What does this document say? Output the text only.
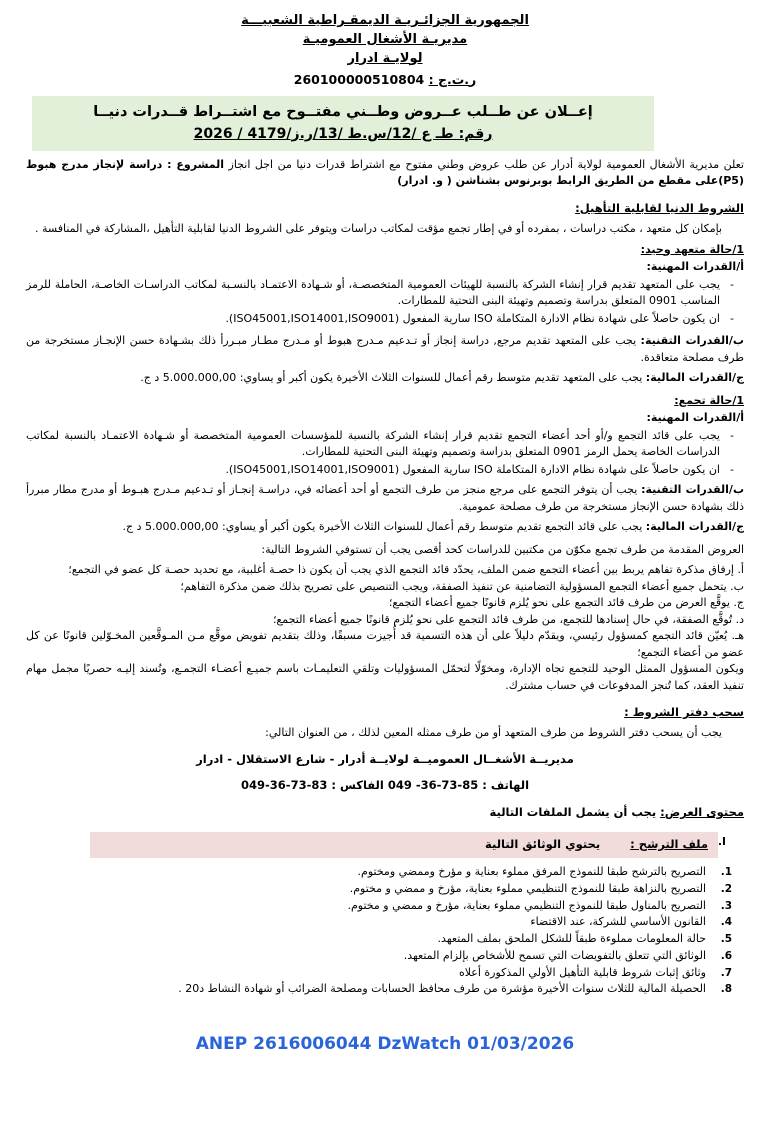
الجمهورية الجزائـريـة الديمقـراطية الشعبيـــة
مديريـة الأشغال العموميـة
لولايـة ادرار
ر.ت.ج : 260100000510804
إعــلان عن طــلب عــروض وطــني مفتــوح مع اشتــراط قــدرات دنيــا
رقم: طـ ع /12/س.ط /13/ر.ز/4179 / 2026
تعلن مديرية الأشغال العمومية لولاية أدرار عن طلب عروض وطني مفتوح مع اشتراط قدرات دنيا من اجل انجاز المشروع : دراسة لإنجاز مدرج هبوط (P5)على مقطع من الطريق الرابط بوبرنوس بشناشن ( و. ادرار)
الشروط الدنيا لقابلية التأهيل:
بإمكان كل متعهد ، مكتب دراسات ، بمفرده أو في إطار تجمع مؤقت لمكاتب دراسات ويتوفر على الشروط الدنيا لقابلية التأهيل ،المشاركة في المنافسة .
1/حالة متعهد وحيد:
أ/القدرات المهنية:
-
يجب على المتعهد تقديم قرار إنشاء الشركة بالنسبة للهيئات العمومية المتخصصـة، أو شـهادة الاعتمـاد بالنسـبة لمكاتب الدراسـات الخاصـة، الحاملة للرمز المناسب 0901 المتعلق بدراسة وتصميم وتهيئة البنى التحتية للمطارات.
-
ان يكون حاصلاً على شهادة نظام الادارة المتكاملة ISO سارية المفعول (ISO45001,ISO14001,ISO9001).
ب/القدرات التقنية: يجب على المتعهد تقديم مرجع, دراسة إنجاز أو تـدعيم مـدرج هبوط أو مـدرج مطـار مبـررأ ذلك بشـهادة حسن الإنجـاز مستخرجة من طرف مصلحة متعاقدة.
ج/القدرات المالية: يجب على المتعهد تقديم متوسط رقم أعمال للسنوات الثلاث الأخيرة يكون أكبر أو يساوي: 5.000.000,00 د ج.
1/حالة تجمع:
أ/القدرات المهنية:
-
يجب على قائد التجمع و/أو أحد أعضاء التجمع تقديم قرار إنشاء الشركة بالنسبة للمؤسسات العمومية المتخصصة أو شـهادة الاعتمـاد بالنسبة لمكاتب الدراسات الخاصة يحمل الرمز 0901 المتعلق بدراسة وتصميم وتهيئة البنى التحتية للمطارات.
-
ان يكون حاصلاً على شهادة نظام الادارة المتكاملة ISO سارية المفعول (ISO45001,ISO14001,ISO9001).
ب/القدرات التقنية: يجب أن يتوفر التجمع على مرجع منجز من طرف التجمع أو أحد أعضائه في، دراسـة إنجـاز أو تـدعيم مـدرج هبـوط أو مدرج مطار مبررأ ذلك بشهادة حسن الإنجاز مستخرجة من طرف مصلحة عمومية.
ج/القدرات المالية: يجب على قائد التجمع تقديم متوسط رقم أعمال للسنوات الثلاث الأخيرة يكون أكبر أو يساوي: 5.000.000,00 د ج.
العروض المقدمة من طرف تجمع مكوّن من مكتبين للدراسات كحد أقصى يجب أن تستوفي الشروط التالية:
أ. إرفاق مذكرة تفاهم يربط بين أعضاء التجمع ضمن الملف، يحدّد قائد التجمع الذي يجب أن يكون ذا حصـة أغلبية، مع تحديد حصـة كل عضو في التجمع؛
ب. يتحمل جميع أعضاء التجمع المسؤولية التضامنية عن تنفيذ الصفقة، ويجب التنصيص على تصريح بذلك ضمن مذكرة التفاهم؛
ج. يوقَّع العرض من طرف قائد التجمع على نحو يُلزم قانونًا جميع أعضاء التجمع؛
د. تُوقَّع الصفقة، في حال إسنادها للتجمع، من طرف قائد التجمع على نحو يُلزم قانونًا جميع أعضاء التجمع؛
هـ. يُعيّن قائد التجمع كمسؤول رئيسي، ويقدّم دليلاً على أن هذه التسمية قد أُجيزت مسبقًا، وذلك بتقديم تفويض موقَّع مـن المـوقَّعين المخـوّلين قانونًا عن كل عضو من أعضاء التجمع؛
ويكون المسؤول الممثل الوحيد للتجمع تجاه الإدارة، ومخوّلًا لتحمّل المسؤوليات وتلقي التعليمـات باسم جميـع أعضـاء التجمـع، وتُسند إليـه حصريًا مجمل مهام تنفيذ العقد، كما تُنجز المدفوعات في حساب مشترك.
سحب دفتر الشروط :
يجب أن يسحب دفتر الشروط من طرف المتعهد أو من طرف ممثله المعين لذلك ، من العنوان التالي:
مديريــة الأشغــال العموميــة لولايــة أدرار - شارع الاستقلال - ادرار
الهاتف : 85-73-36- 049 الفاكس : 83-73-36-049
محتوى العرض: يجب أن يشمل الملفات التالية
I.
ملف الترشح : يحتوي الوثائق التالية
1.
التصريح بالترشح طبقا للنموذج المرفق مملوء بعناية و مؤرخ وممضي ومختوم.
2.
التصريح بالنزاهة طبقا للنموذج التنظيمي مملوء بعناية، مؤرخ و ممضي و مختوم.
3.
التصريح بالمناول طبقا للنموذج التنظيمي مملوء بعناية، مؤرخ و ممضي و مختوم.
4.
القانون الأساسي للشركة، عند الاقتضاء
5.
حالة المعلومات مملوءة طبقاً للشكل الملحق بملف المتعهد.
6.
الوثائق التي تتعلق بالتفويضات التي تسمح للأشخاص بإلزام المتعهد.
7.
وثائق إثبات شروط قابلية التأهيل الأولي المذكورة أعلاه
8.
الحصيلة المالية للثلاث سنوات الأخيرة مؤشرة من طرف محافظ الحسابات ومصلحة الضرائب أو شهادة النشاط د20 .
ANEP 2616006044 DzWatch 01/03/2026
